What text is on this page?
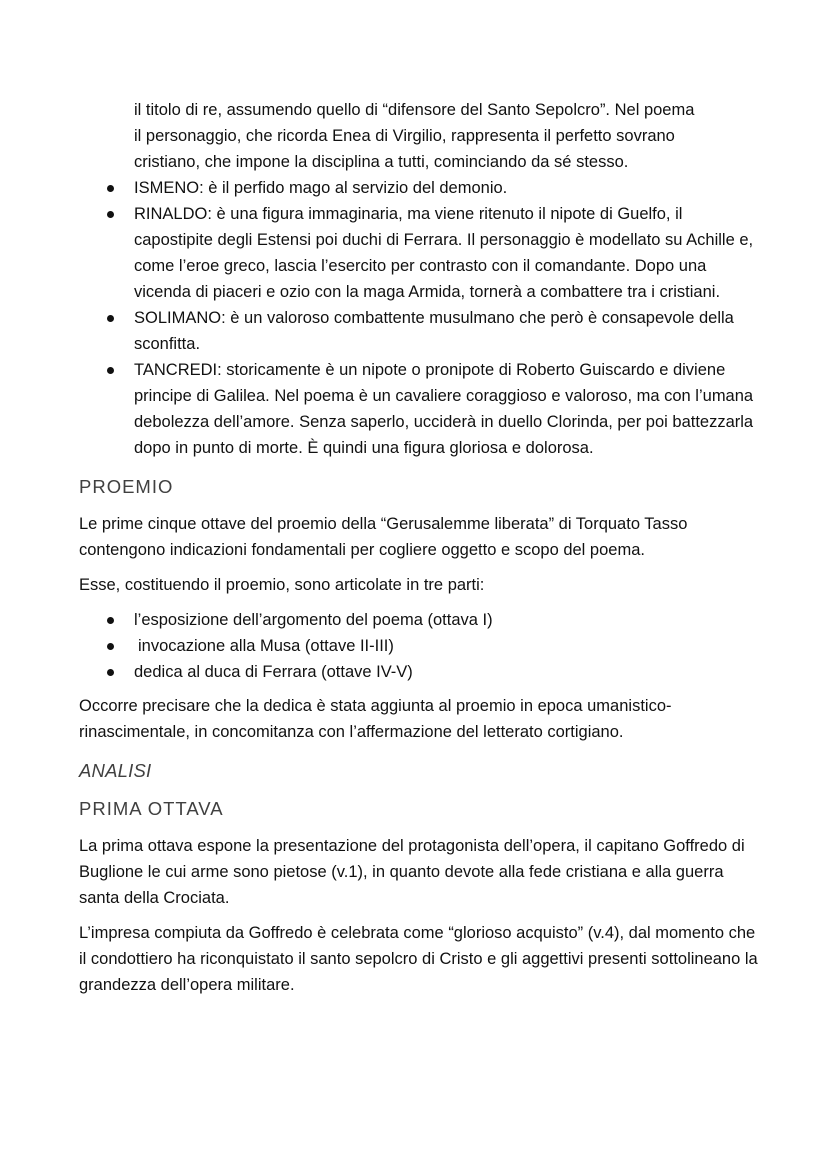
il titolo di re, assumendo quello di “difensore del Santo Sepolcro”. Nel poema
il personaggio, che ricorda Enea di Virgilio, rappresenta il perfetto sovrano
cristiano, che impone la disciplina a tutti, cominciando da sé stesso.

ISMENO: è il perfido mago al servizio del demonio.
RINALDO: è una figura immaginaria, ma viene ritenuto il nipote di Guelfo, il capostipite degli Estensi poi duchi di Ferrara. Il personaggio è modellato su Achille e, come l’eroe greco, lascia l’esercito per contrasto con il comandante. Dopo una vicenda di piaceri e ozio con la maga Armida, tornerà a combattere tra i cristiani.
SOLIMANO: è un valoroso combattente musulmano che però è consapevole della sconfitta.
TANCREDI: storicamente è un nipote o pronipote di Roberto Guiscardo e diviene principe di Galilea. Nel poema è un cavaliere coraggioso e valoroso, ma con l’umana debolezza dell’amore. Senza saperlo, ucciderà in duello Clorinda, per poi battezzarla dopo in punto di morte. È quindi una figura gloriosa e dolorosa.
PROEMIO

Le prime cinque ottave del proemio della “Gerusalemme liberata” di Torquato Tasso contengono indicazioni fondamentali per cogliere oggetto e scopo del poema.

Esse, costituendo il proemio, sono articolate in tre parti:

l’esposizione dell’argomento del poema (ottava I)
invocazione alla Musa (ottave II-III)
dedica al duca di Ferrara (ottave IV-V)

Occorre precisare che la dedica è stata aggiunta al proemio in epoca umanistico-rinascimentale, in concomitanza con l’affermazione del letterato cortigiano.

ANALISI
PRIMA OTTAVA

La prima ottava espone la presentazione del protagonista dell’opera, il capitano Goffredo di Buglione le cui arme sono pietose (v.1), in quanto devote alla fede cristiana e alla guerra santa della Crociata.

L’impresa compiuta da Goffredo è celebrata come “glorioso acquisto” (v.4), dal momento che il condottiero ha riconquistato il santo sepolcro di Cristo e gli aggettivi presenti sottolineano la grandezza dell’opera militare.
